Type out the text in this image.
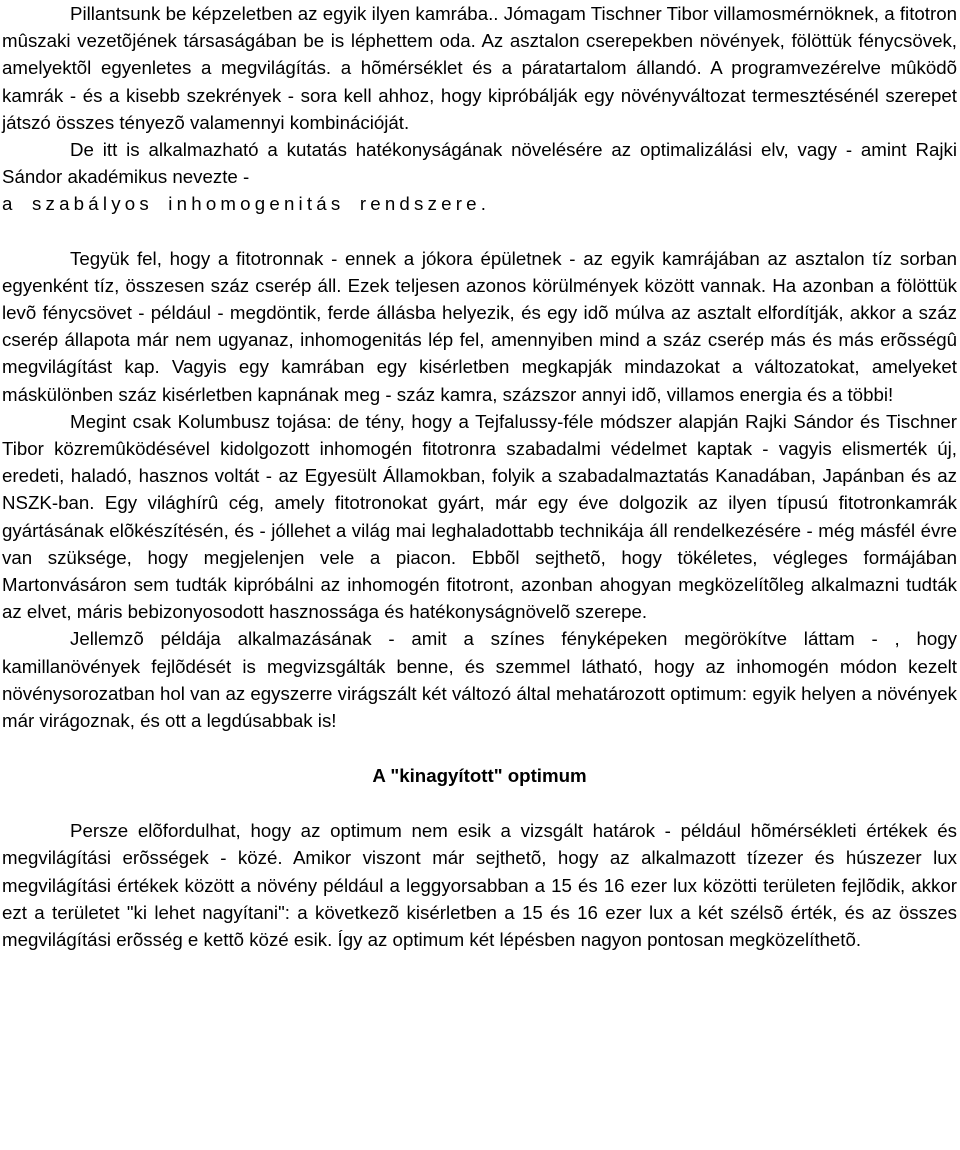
Pillantsunk be képzeletben az egyik ilyen kamrába.. Jómagam Tischner Tibor villamosmérnöknek, a fitotron mûszaki vezetõjének társaságában be is léphettem oda. Az asztalon cserepekben növények, fölöttük fénycsövek, amelyektõl egyenletes a megvilágítás. a hõmérséklet és a páratartalom állandó. A programvezérelve mûködõ kamrák - és a kisebb szekrények - sora kell ahhoz, hogy kipróbálják egy növényváltozat termesztésénél szerepet játszó összes tényezõ valamennyi kombinációját.

De itt is alkalmazható a kutatás hatékonyságának növelésére az optimalizálási elv, vagy - amint Rajki Sándor akadémikus nevezte -
a szabályos inhomogenitás rendszere.

Tegyük fel, hogy a fitotronnak - ennek a jókora épületnek - az egyik kamrájában az asztalon tíz sorban egyenként tíz, összesen száz cserép áll. Ezek teljesen azonos körülmények között vannak. Ha azonban a fölöttük levõ fénycsövet - például - megdöntik, ferde állásba helyezik, és egy idõ múlva az asztalt elfordítják, akkor a száz cserép állapota már nem ugyanaz, inhomogenitás lép fel, amennyiben mind a száz cserép más és más erõsségû megvilágítást kap. Vagyis egy kamrában egy kisérletben megkapják mindazokat a változatokat, amelyeket máskülönben száz kisérletben kapnának meg - száz kamra, százszor annyi idõ, villamos energia és a többi!

Megint csak Kolumbusz tojása: de tény, hogy a Tejfalussy-féle módszer alapján Rajki Sándor és Tischner Tibor közremûködésével kidolgozott inhomogén fitotronra szabadalmi védelmet kaptak - vagyis elismerték új, eredeti, haladó, hasznos voltát - az Egyesült Államokban, folyik a szabadalmaztatás Kanadában, Japánban és az NSZK-ban. Egy világhírû cég, amely fitotronokat gyárt, már egy éve dolgozik az ilyen típusú fitotronkamrák gyártásának elõkészítésén, és - jóllehet a világ mai leghaladottabb technikája áll rendelkezésére - még másfél évre van szüksége, hogy megjelenjen vele a piacon. Ebbõl sejthetõ, hogy tökéletes, végleges formájában Martonvásáron sem tudták kipróbálni az inhomogén fitotront, azonban ahogyan megközelítõleg alkalmazni tudták az elvet, máris bebizonyosodott hasznossága és hatékonyságnövelõ szerepe.

Jellemzõ példája alkalmazásának - amit a színes fényképeken megörökítve láttam - , hogy kamillanövények fejlõdését is megvizsgálták benne, és szemmel látható, hogy az inhomogén módon kezelt növénysorozatban hol van az egyszerre virágszált két változó által mehatározott optimum: egyik helyen a növények már virágoznak, és ott a legdúsabbak is!

A "kinagyított" optimum

Persze elõfordulhat, hogy az optimum nem esik a vizsgált határok - például hõmérsékleti értékek és megvilágítási erõsségek - közé. Amikor viszont már sejthetõ, hogy az alkalmazott tízezer és húszezer lux megvilágítási értékek között a növény például a leggyorsabban a 15 és 16 ezer lux közötti területen fejlõdik, akkor ezt a területet "ki lehet nagyítani": a következõ kisérletben a 15 és 16 ezer lux a két szélsõ érték, és az összes megvilágítási erõsség e kettõ közé esik. Így az optimum két lépésben nagyon pontosan megközelíthetõ.
